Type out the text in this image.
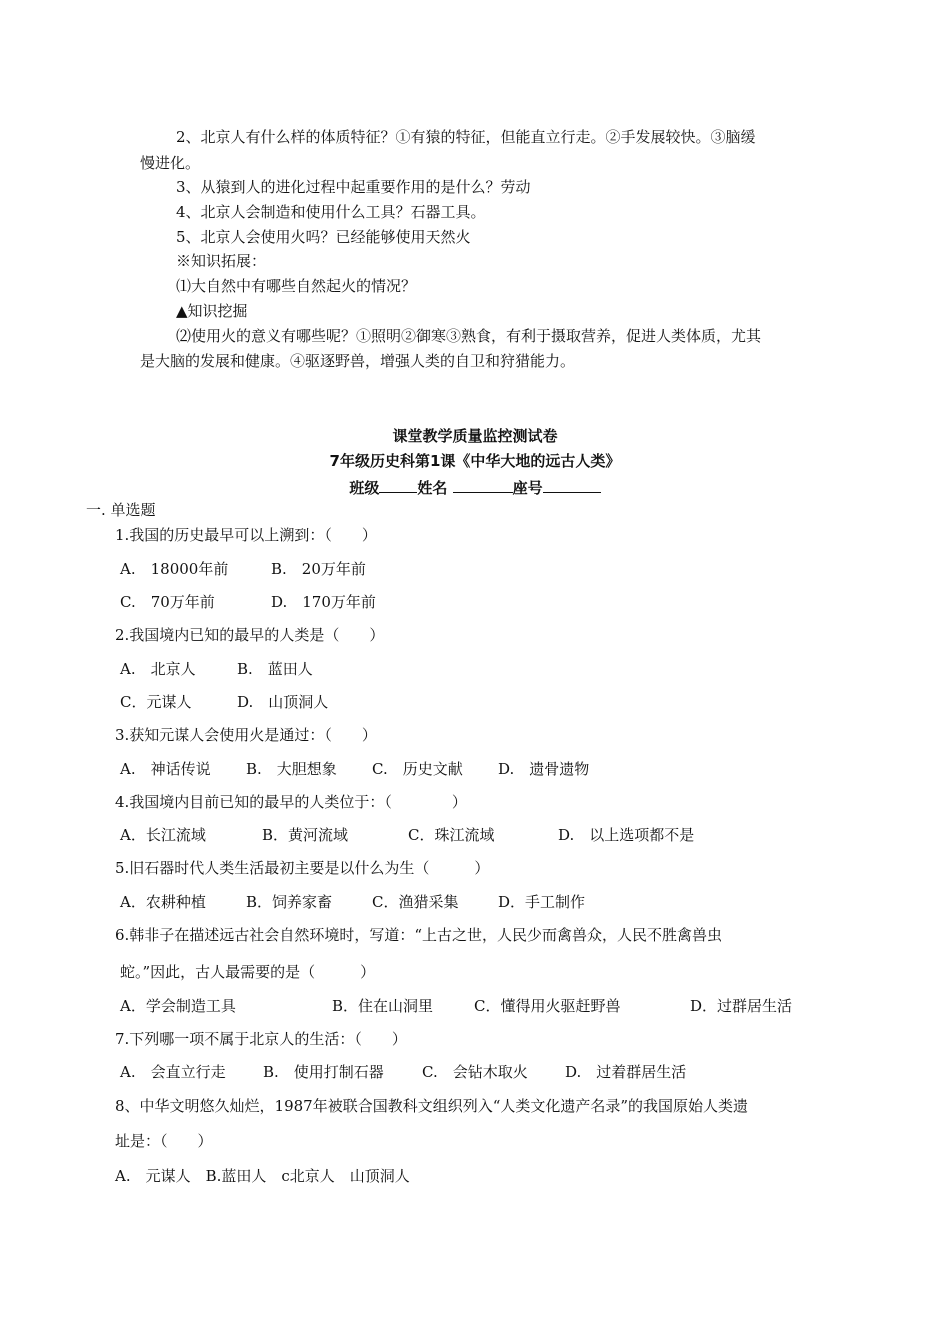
2、北京人有什么样的体质特征？①有猿的特征，但能直立行走。②手发展较快。③脑缓
慢进化。
3、从猿到人的进化过程中起重要作用的是什么？劳动
4、北京人会制造和使用什么工具？石器工具。
5、北京人会使用火吗？已经能够使用天然火
※知识拓展：
⑴大自然中有哪些自然起火的情况？
▲知识挖掘
⑵使用火的意义有哪些呢？①照明②御寒③熟食，有利于摄取营养，促进人类体质，尤其
是大脑的发展和健康。④驱逐野兽，增强人类的自卫和狩猎能力。
课堂教学质量监控测试卷
7年级历史科第1课《中华大地的远古人类》
班级	姓名	座号
一. 单选题
1.我国的历史最早可以上溯到：（　　）
A.　18000年前	B.　20万年前
C.　70万年前	D.　170万年前
2.我国境内已知的最早的人类是（　　）
A.　北京人	B.　蓝田人
C．元谋人	D.　山顶洞人
3.获知元谋人会使用火是通过：（　　）
A.　神话传说 B.　大胆想象 C.　历史文献 D.　遗骨遗物
4.我国境内目前已知的最早的人类位于：（　　　　）
A．长江流域	B．黄河流域	C．珠江流域	D.　以上选项都不是
5.旧石器时代人类生活最初主要是以什么为生（　　　）
A．农耕种植	B．饲养家畜	C．渔猎采集	D．手工制作
6.韩非子在描述远古社会自然环境时，写道：“上古之世，人民少而禽兽众，人民不胜禽兽虫
蛇。”因此，古人最需要的是（　　　）
A．学会制造工具	B．住在山洞里	C．懂得用火驱赶野兽	D．过群居生活
7.下列哪一项不属于北京人的生活：（　　）
A.　会直立行走 B.　使用打制石器	C.　会钻木取火 D.　过着群居生活
8、中华文明悠久灿烂，1987年被联合国教科文组织列入“人类文化遗产名录”的我国原始人类遗
址是：（　　）
A.　元谋人　B.蓝田人　c北京人　山顶洞人
